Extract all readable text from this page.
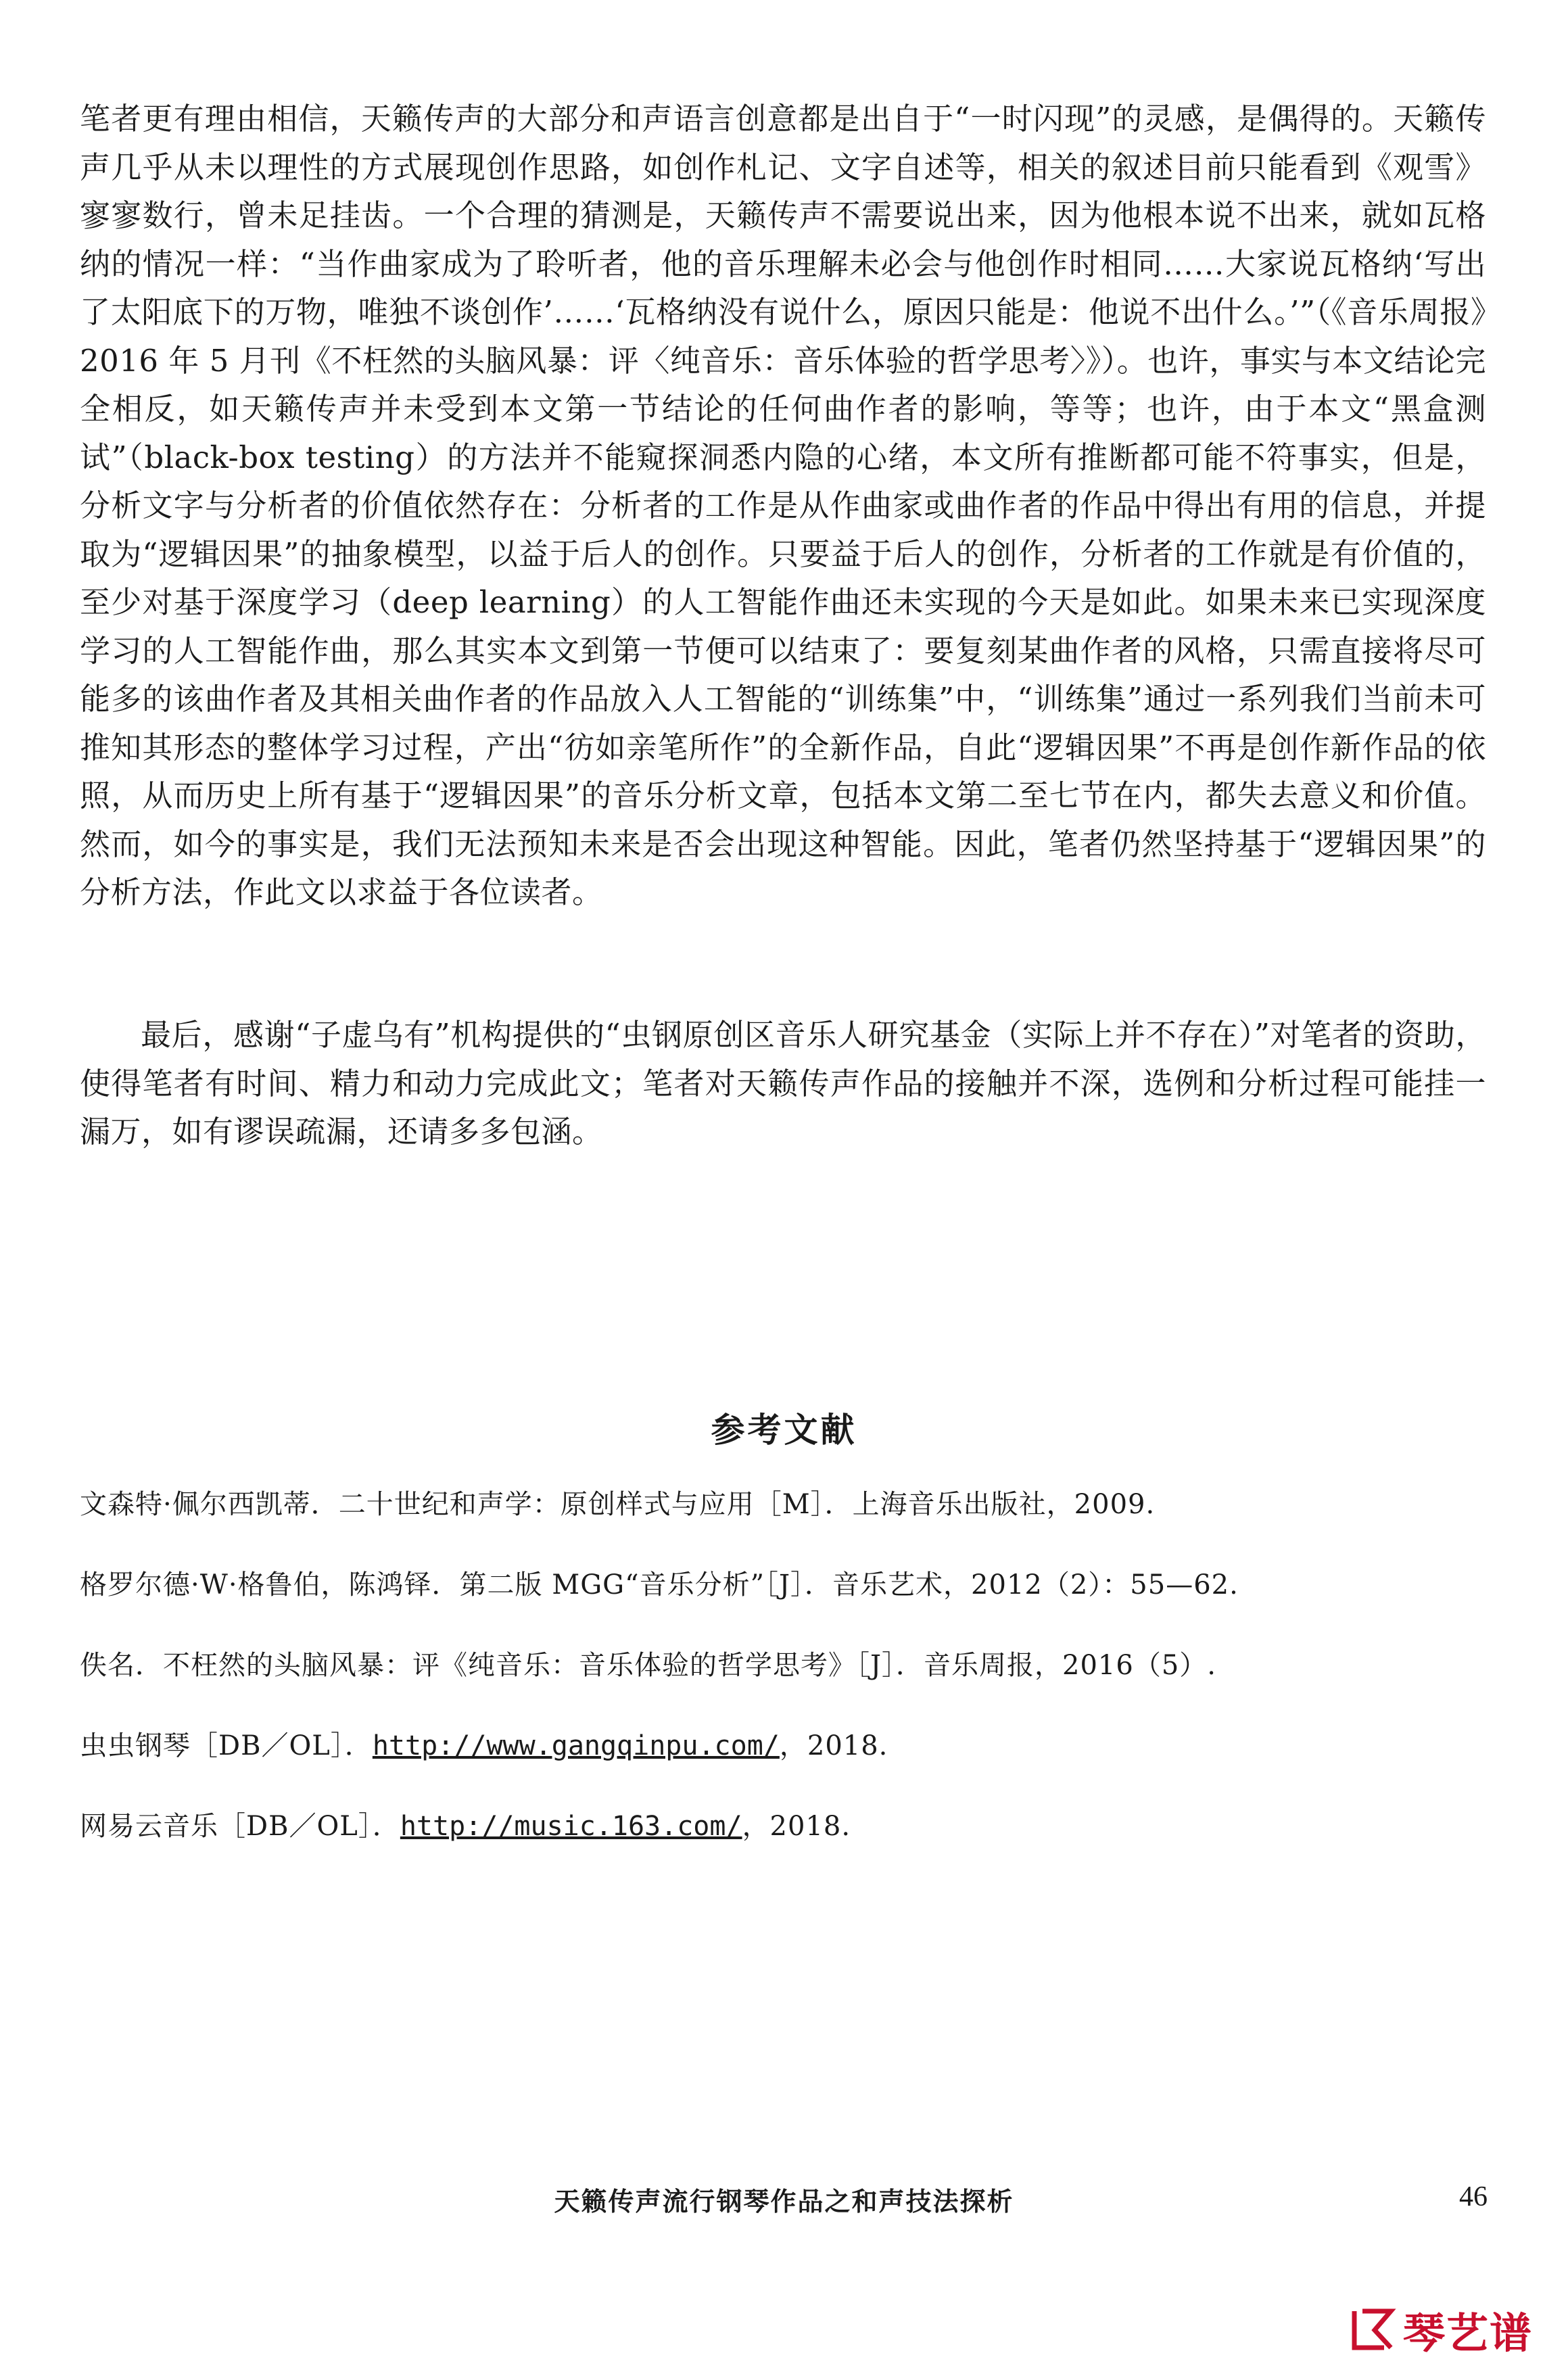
笔者更有理由相信，天籁传声的大部分和声语言创意都是出自于“一时闪现”的灵感，是偶得的。天籁传声几乎从未以理性的方式展现创作思路，如创作札记、文字自述等，相关的叙述目前只能看到《观雪》寥寥数行，曾未足挂齿。一个合理的猜测是，天籁传声不需要说出来，因为他根本说不出来，就如瓦格纳的情况一样：“当作曲家成为了聆听者，他的音乐理解未必会与他创作时相同……大家说瓦格纳‘写出了太阳底下的万物，唯独不谈创作’……‘瓦格纳没有说什么，原因只能是：他说不出什么。’”（《音乐周报》2016 年 5 月刊《不枉然的头脑风暴：评〈纯音乐：音乐体验的哲学思考〉》）。也许，事实与本文结论完全相反，如天籁传声并未受到本文第一节结论的任何曲作者的影响，等等；也许，由于本文“黑盒测试”（black-box testing）的方法并不能窥探洞悉内隐的心绪，本文所有推断都可能不符事实，但是，分析文字与分析者的价值依然存在：分析者的工作是从作曲家或曲作者的作品中得出有用的信息，并提取为“逻辑因果”的抽象模型，以益于后人的创作。只要益于后人的创作，分析者的工作就是有价值的，至少对基于深度学习（deep learning）的人工智能作曲还未实现的今天是如此。如果未来已实现深度学习的人工智能作曲，那么其实本文到第一节便可以结束了：要复刻某曲作者的风格，只需直接将尽可能多的该曲作者及其相关曲作者的作品放入人工智能的“训练集”中，“训练集”通过一系列我们当前未可推知其形态的整体学习过程，产出“彷如亲笔所作”的全新作品，自此“逻辑因果”不再是创作新作品的依照，从而历史上所有基于“逻辑因果”的音乐分析文章，包括本文第二至七节在内，都失去意义和价值。然而，如今的事实是，我们无法预知未来是否会出现这种智能。因此，笔者仍然坚持基于“逻辑因果”的分析方法，作此文以求益于各位读者。

最后，感谢“子虚乌有”机构提供的“虫钢原创区音乐人研究基金（实际上并不存在）”对笔者的资助，使得笔者有时间、精力和动力完成此文；笔者对天籁传声作品的接触并不深，选例和分析过程可能挂一漏万，如有谬误疏漏，还请多多包涵。

参考文献
文森特·佩尔西凯蒂．二十世纪和声学：原创样式与应用［M］．上海音乐出版社，2009.
格罗尔德·W·格鲁伯，陈鸿铎．第二版 MGG“音乐分析”［J］．音乐艺术，2012（2）：55—62.
佚名．不枉然的头脑风暴：评《纯音乐：音乐体验的哲学思考》［J］．音乐周报，2016（5）.
虫虫钢琴［DB／OL］．http://www.gangqinpu.com/，2018.
网易云音乐［DB／OL］．http://music.163.com/，2018.
天籁传声流行钢琴作品之和声技法探析	46
琴艺谱
